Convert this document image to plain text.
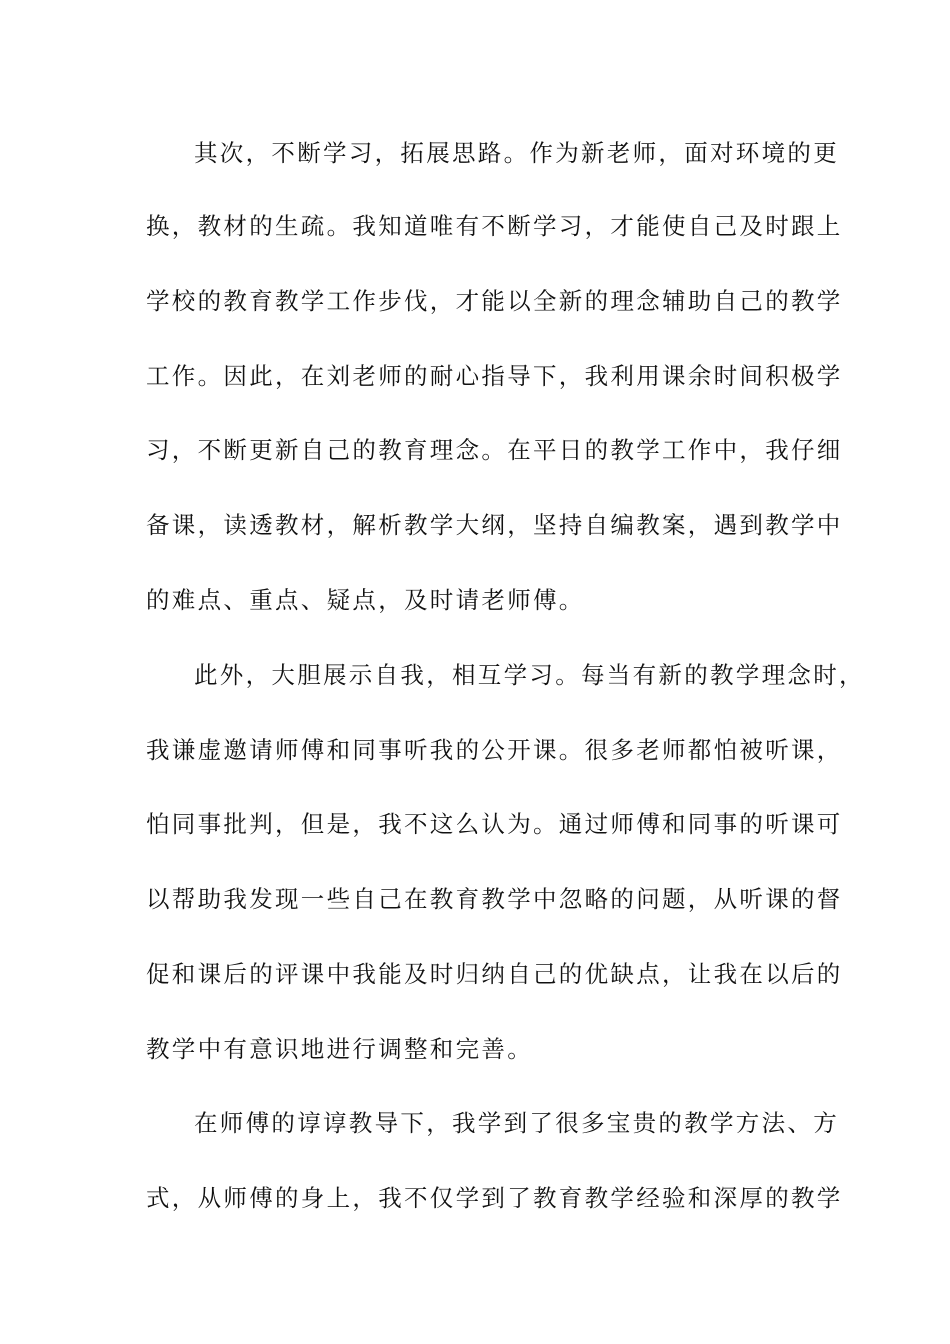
其次，不断学习，拓展思路。作为新老师，面对环境的更
换，教材的生疏。我知道唯有不断学习，才能使自己及时跟上
学校的教育教学工作步伐，才能以全新的理念辅助自己的教学
工作。因此，在刘老师的耐心指导下，我利用课余时间积极学
习，不断更新自己的教育理念。在平日的教学工作中，我仔细
备课，读透教材，解析教学大纲，坚持自编教案，遇到教学中
的难点、重点、疑点，及时请老师傅。
此外，大胆展示自我，相互学习。每当有新的教学理念时，
我谦虚邀请师傅和同事听我的公开课。很多老师都怕被听课，
怕同事批判，但是，我不这么认为。通过师傅和同事的听课可
以帮助我发现一些自己在教育教学中忽略的问题，从听课的督
促和课后的评课中我能及时归纳自己的优缺点，让我在以后的
教学中有意识地进行调整和完善。
在师傅的谆谆教导下，我学到了很多宝贵的教学方法、方
式，从师傅的身上，我不仅学到了教育教学经验和深厚的教学
